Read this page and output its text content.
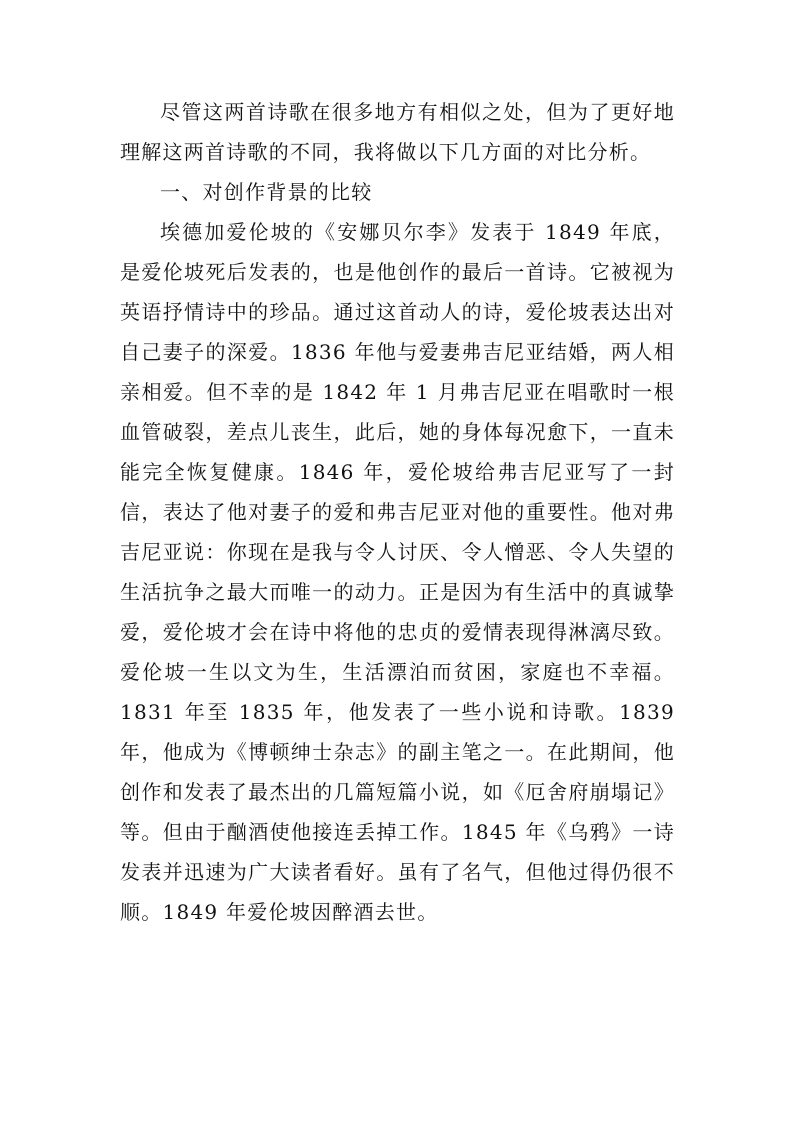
尽管这两首诗歌在很多地方有相似之处，但为了更好地理解这两首诗歌的不同，我将做以下几方面的对比分析。

一、对创作背景的比较

埃德加爱伦坡的《安娜贝尔李》发表于 1849 年底，是爱伦坡死后发表的，也是他创作的最后一首诗。它被视为英语抒情诗中的珍品。通过这首动人的诗，爱伦坡表达出对自己妻子的深爱。1836 年他与爱妻弗吉尼亚结婚，两人相亲相爱。但不幸的是 1842 年 1 月弗吉尼亚在唱歌时一根血管破裂，差点儿丧生，此后，她的身体每况愈下，一直未能完全恢复健康。1846 年，爱伦坡给弗吉尼亚写了一封信，表达了他对妻子的爱和弗吉尼亚对他的重要性。他对弗吉尼亚说：你现在是我与令人讨厌、令人憎恶、令人失望的生活抗争之最大而唯一的动力。正是因为有生活中的真诚挚爱，爱伦坡才会在诗中将他的忠贞的爱情表现得淋漓尽致。爱伦坡一生以文为生，生活漂泊而贫困，家庭也不幸福。1831 年至 1835 年，他发表了一些小说和诗歌。1839 年，他成为《博顿绅士杂志》的副主笔之一。在此期间，他创作和发表了最杰出的几篇短篇小说，如《厄舍府崩塌记》等。但由于酗酒使他接连丢掉工作。1845 年《乌鸦》一诗发表并迅速为广大读者看好。虽有了名气，但他过得仍很不顺。1849 年爱伦坡因醉酒去世。
